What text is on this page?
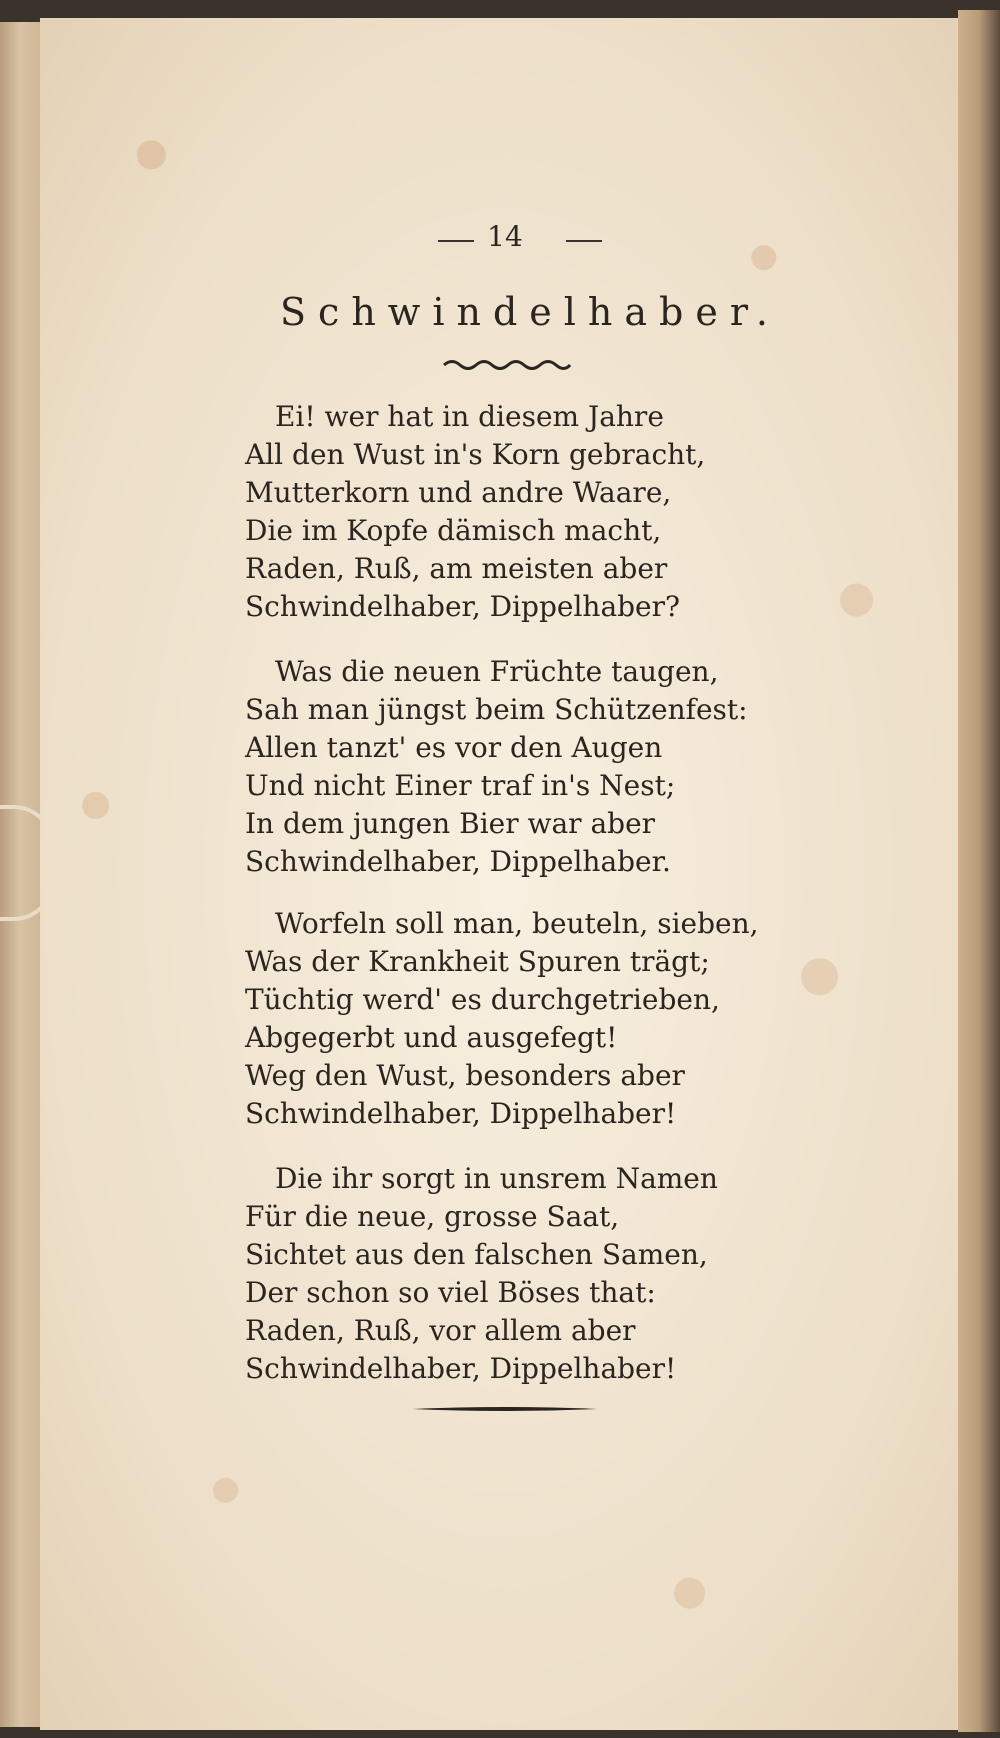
14
Schwindelhaber.
Ei! wer hat in diesem Jahre
All den Wust in's Korn gebracht,
Mutterkorn und andre Waare,
Die im Kopfe dämisch macht,
Raden, Ruß, am meisten aber
Schwindelhaber, Dippelhaber?
Was die neuen Früchte taugen,
Sah man jüngst beim Schützenfest:
Allen tanzt' es vor den Augen
Und nicht Einer traf in's Nest;
In dem jungen Bier war aber
Schwindelhaber, Dippelhaber.
Worfeln soll man, beuteln, sieben,
Was der Krankheit Spuren trägt;
Tüchtig werd' es durchgetrieben,
Abgegerbt und ausgefegt!
Weg den Wust, besonders aber
Schwindelhaber, Dippelhaber!
Die ihr sorgt in unsrem Namen
Für die neue, grosse Saat,
Sichtet aus den falschen Samen,
Der schon so viel Böses that:
Raden, Ruß, vor allem aber
Schwindelhaber, Dippelhaber!
